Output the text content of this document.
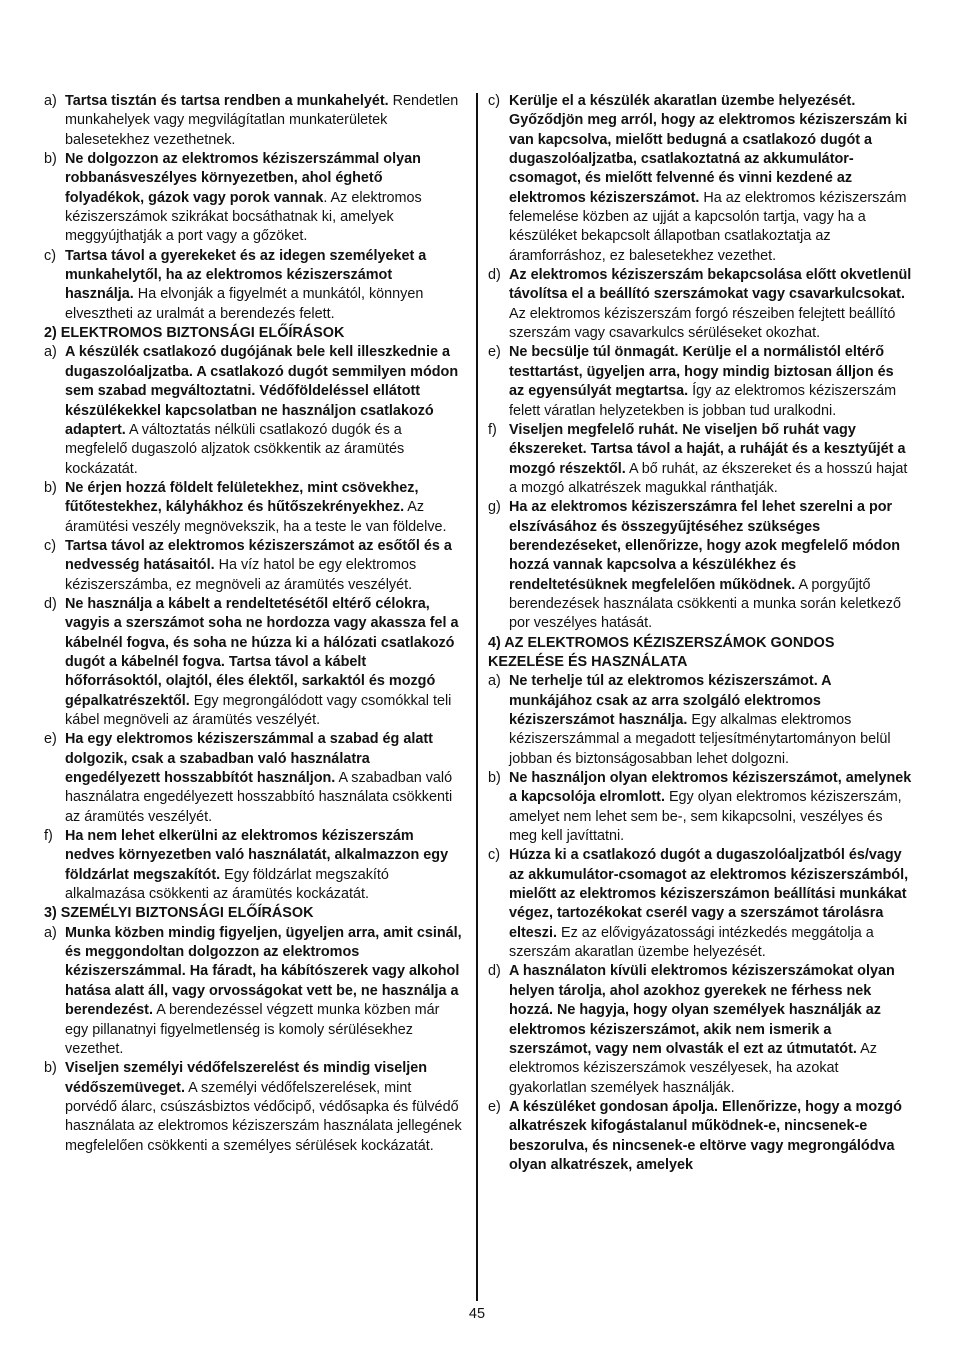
a) Tartsa tisztán és tartsa rendben a munkahelyét. Rendetlen munkahelyek vagy megvilágítatlan munkaterületek balesetekhez vezethetnek.
b) Ne dolgozzon az elektromos kéziszerszámmal olyan robbanásveszélyes környezetben, ahol éghető folyadékok, gázok vagy porok vannak. Az elektromos kéziszerszámok szikrákat bocsáthatnak ki, amelyek meggyújthatják a port vagy a gőzöket.
c) Tartsa távol a gyerekeket és az idegen személyeket a munkahelytől, ha az elektromos kéziszerszámot használja. Ha elvonják a figyelmét a munkától, könnyen elvesztheti az uralmát a berendezés felett.
2) ELEKTROMOS BIZTONSÁGI ELŐÍRÁSOK
a) A készülék csatlakozó dugójának bele kell illeszkednie a dugaszolóaljzatba. A csatlakozó dugót semmilyen módon sem szabad megváltoztatni. Védőföldeléssel ellátott készülékekkel kapcsolatban ne használjon csatlakozó adaptert. A változtatás nélküli csatlakozó dugók és a megfelelő dugaszoló aljzatok csökkentik az áramütés kockázatát.
b) Ne érjen hozzá földelt felületekhez, mint csövekhez, fűtőtestekhez, kályhákhoz és hűtőszekrényekhez. Az áramütési veszély megnövekszik, ha a teste le van földelve.
c) Tartsa távol az elektromos kéziszerszámot az esőtől és a nedvesség hatásaitól. Ha víz hatol be egy elektromos kéziszerszámba, ez megnöveli az áramütés veszélyét.
d) Ne használja a kábelt a rendeltetésétől eltérő célokra, vagyis a szerszámot soha ne hordozza vagy akassza fel a kábelnél fogva, és soha ne húzza ki a hálózati csatlakozó dugót a kábelnél fogva. Tartsa távol a kábelt hőforrásoktól, olajtól, éles élektől, sarkaktól és mozgó gépalkatrészektől. Egy megrongálódott vagy csomókkal teli kábel megnöveli az áramütés veszélyét.
e) Ha egy elektromos kéziszerszámmal a szabad ég alatt dolgozik, csak a szabadban való használatra engedélyezett hosszabbítót használjon. A szabadban való használatra engedélyezett hosszabbító használata csökkenti az áramütés veszélyét.
f) Ha nem lehet elkerülni az elektromos kéziszerszám nedves környezetben való használatát, alkalmazzon egy földzárlat megszakítót. Egy földzárlat megszakító alkalmazása csökkenti az áramütés kockázatát.
3) SZEMÉLYI BIZTONSÁGI ELŐÍRÁSOK
a) Munka közben mindig figyeljen, ügyeljen arra, amit csinál, és meggondoltan dolgozzon az elektromos kéziszerszámmal. Ha fáradt, ha kábítószerek vagy alkohol hatása alatt áll, vagy orvosságokat vett be, ne használja a berendezést. A berendezéssel végzett munka közben már egy pillanatnyi figyelmetlenség is komoly sérülésekhez vezethet.
b) Viseljen személyi védőfelszerelést és mindig viseljen védőszemüveget. A személyi védőfelszerelések, mint porvédő álarc, csúszásbiztos védőcipő, védősapka és fülvédő használata az elektromos kéziszerszám használata jellegének megfelelően csökkenti a személyes sérülések kockázatát.
c) Kerülje el a készülék akaratlan üzembe helyezését. Győződjön meg arról, hogy az elektromos kéziszerszám ki van kapcsolva, mielőtt bedugná a csatlakozó dugót a dugaszolóaljzatba, csatlakoztatná az akkumulátor-csomagot, és mielőtt felvenné és vinni kezdené az elektromos kéziszerszámot. Ha az elektromos kéziszerszám felemelése közben az ujját a kapcsolón tartja, vagy ha a készüléket bekapcsolt állapotban csatlakoztatja az áramforráshoz, ez balesetekhez vezethet.
d) Az elektromos kéziszerszám bekapcsolása előtt okvetlenül távolítsa el a beállító szerszámokat vagy csavarkulcsokat. Az elektromos kéziszerszám forgó részeiben felejtett beállító szerszám vagy csavarkulcs sérüléseket okozhat.
e) Ne becsülje túl önmagát. Kerülje el a normálistól eltérő testtartást, ügyeljen arra, hogy mindig biztosan álljon és az egyensúlyát megtartsa. Így az elektromos kéziszerszám felett váratlan helyzetekben is jobban tud uralkodni.
f) Viseljen megfelelő ruhát. Ne viseljen bő ruhát vagy ékszereket. Tartsa távol a haját, a ruháját és a kesztyűjét a mozgó részektől. A bő ruhát, az ékszereket és a hosszú hajat a mozgó alkatrészek magukkal ránthatják.
g) Ha az elektromos kéziszerszámra fel lehet szerelni a por elszívásához és összegyűjtéséhez szükséges berendezéseket, ellenőrizze, hogy azok megfelelő módon hozzá vannak kapcsolva a készülékhez és rendeltetésüknek megfelelően működnek. A porgyűjtő berendezések használata csökkenti a munka során keletkező por veszélyes hatását.
4) AZ ELEKTROMOS KÉZISZERSZÁMOK GONDOS KEZELÉSE ÉS HASZNÁLATA
a) Ne terhelje túl az elektromos kéziszerszámot. A munkájához csak az arra szolgáló elektromos kéziszerszámot használja. Egy alkalmas elektromos kéziszerszámmal a megadott teljesítménytartományon belül jobban és biztonságosabban lehet dolgozni.
b) Ne használjon olyan elektromos kéziszerszámot, amelynek a kapcsolója elromlott. Egy olyan elektromos kéziszerszám, amelyet nem lehet sem be-, sem kikapcsolni, veszélyes és meg kell javíttatni.
c) Húzza ki a csatlakozó dugót a dugaszolóaljzatból és/vagy az akkumulátor-csomagot az elektromos kéziszerszámból, mielőtt az elektromos kéziszerszámon beállítási munkákat végez, tartozékokat cserél vagy a szerszámot tárolásra elteszi. Ez az elővigyázatossági intézkedés meggátolja a szerszám akaratlan üzembe helyezését.
d) A használaton kívüli elektromos kéziszerszámokat olyan helyen tárolja, ahol azokhoz gyerekek ne férhess nek hozzá. Ne hagyja, hogy olyan személyek használják az elektromos kéziszerszámot, akik nem ismerik a szerszámot, vagy nem olvasták el ezt az útmutatót. Az elektromos kéziszerszámok veszélyesek, ha azokat gyakorlatlan személyek használják.
e) A készüléket gondosan ápolja. Ellenőrizze, hogy a mozgó alkatrészek kifogástalanul működnek-e, nincsenek-e beszorulva, és nincsenek-e eltörve vagy megrongálódva olyan alkatrészek, amelyek
45
